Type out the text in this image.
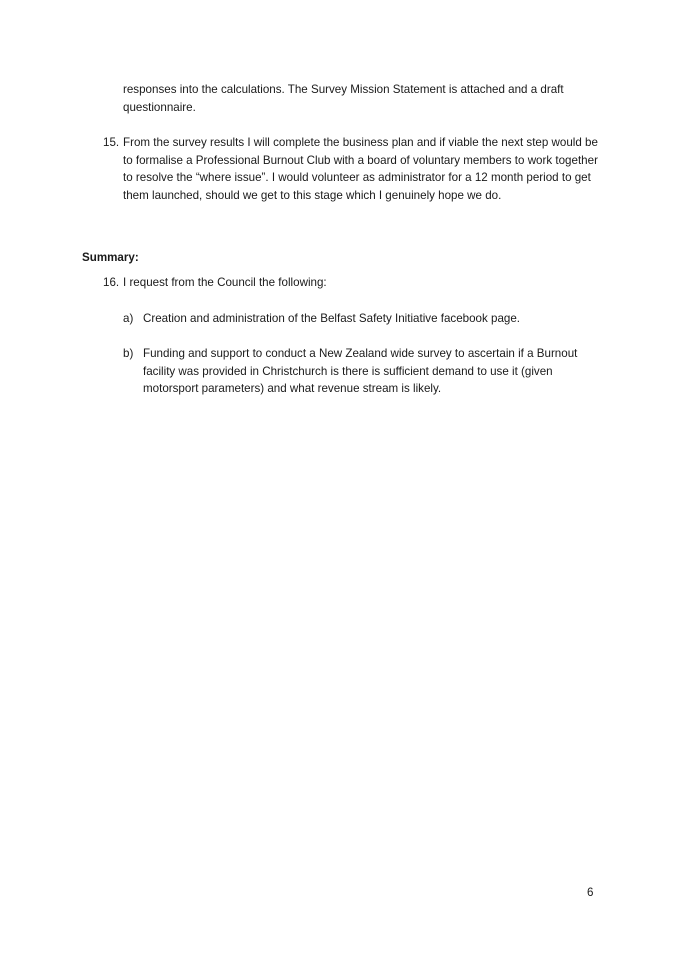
responses into the calculations. The Survey Mission Statement is attached and a draft questionnaire.

15. From the survey results I will complete the business plan and if viable the next step would be to formalise a Professional Burnout Club with a board of voluntary members to work together to resolve the “where issue”. I would volunteer as administrator for a 12 month period to get them launched, should we get to this stage which I genuinely hope we do.

Summary:

16. I request from the Council the following:

a) Creation and administration of the Belfast Safety Initiative facebook page.

b) Funding and support to conduct a New Zealand wide survey to ascertain if a Burnout facility was provided in Christchurch is there is sufficient demand to use it (given motorsport parameters) and what revenue stream is likely.

6
